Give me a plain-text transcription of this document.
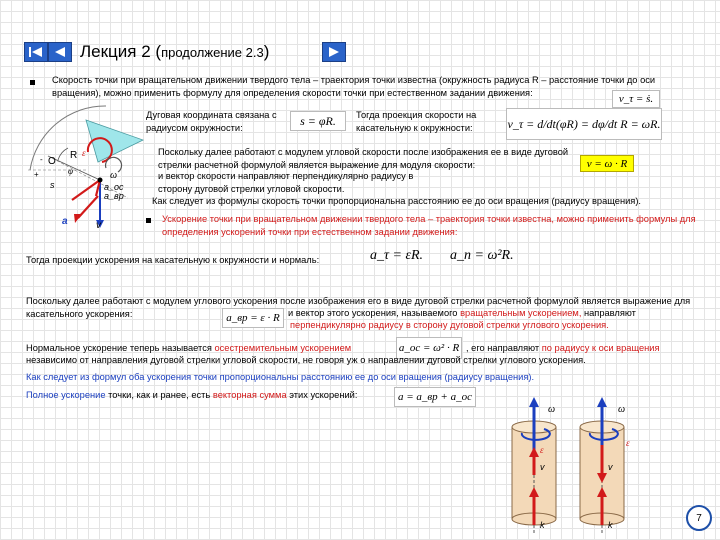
Лекция 2 (продолжение 2.3)
Скорость точки при вращательном движении твердого тела – траектория точки известна (окружность радиуса R – расстояние точки до оси вращения), можно применить формулу для определения скорости точки при естественном задании движения:
v_τ = ṡ.
Дуговая координата связана с радиусом окружности:	s = φR.	Тогда проекция скорости на касательную к окружности:	v_τ = d/dt(φR) = dφ/dt R = ωR.
-
+
O
R
φ
s
ε
ω
a_вр
a_ос
a	v
Поскольку далее работают с модулем угловой скорости после изображения ее в виде дуговой стрелки расчетной формулой является выражение для модуля скорости:	v = ω · R
и вектор скорости направляют перпендикулярно радиусу в сторону дуговой стрелки угловой скорости.
Как следует из формулы скорость точки пропорциональна расстоянию ее до оси вращения (радиусу вращения).
Ускорение точки при вращательном движении твердого тела – траектория точки известна, можно применить формулы для определения ускорений точки при естественном задании движения:
Тогда проекции ускорения на касательную к окружности и нормаль:	a_τ = εR. a_n = ω²R.
Поскольку далее работают с модулем углового ускорения после изображения его в виде дуговой стрелки расчетной формулой является выражение для касательного ускорения:	a_вр = ε · R и вектор этого ускорения, называемого вращательным ускорением, направляют
перпендикулярно радиусу в сторону дуговой стрелки углового ускорения.
Нормальное ускорение теперь называется осестремительным ускорением	a_ос = ω² · R , его направляют по радиусу к оси вращения
независимо от направления дуговой стрелки угловой скорости, не говоря уж о направлении дуговой стрелки углового ускорения.
Как следует из формул оба ускорения точки пропорциональны расстоянию ее до оси вращения (радиусу вращения).
Полное ускорение точки, как и ранее, есть векторная сумма этих ускорений:	a = a_вр + a_ос
ω	ω
ε
ε
v	v
k	k
7
